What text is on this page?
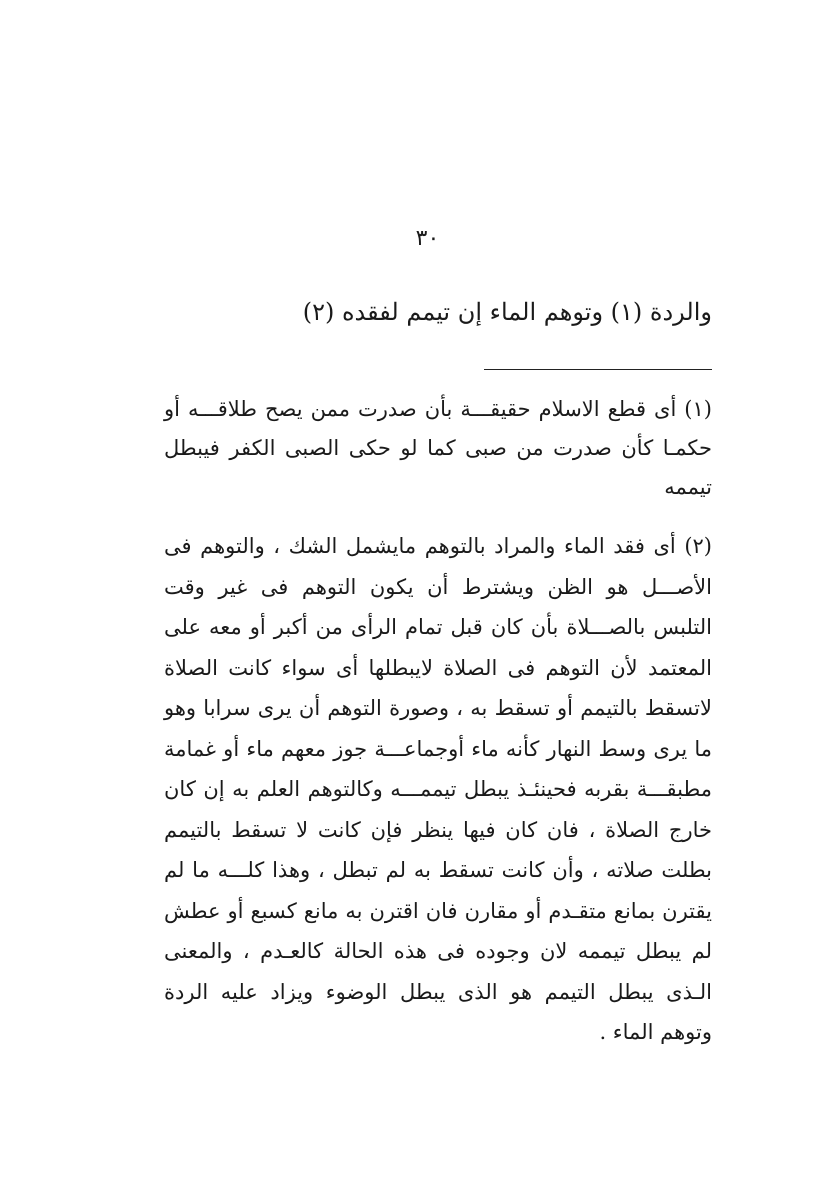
٣٠
والردة (١) وتوهم الماء إن تيمم لفقده (٢)

(١) أى قطع الاسلام حقيقـــة بأن صدرت ممن يصح طلاقـــه أو حكمـا كأن صدرت من صبى كما لو حكى الصبى الكفر فيبطل تيممه

(٢) أى فقد الماء والمراد بالتوهم مايشمل الشك ، والتوهم فى الأصـــل هو الظن ويشترط أن يكون التوهم فى غير وقت التلبس بالصـــلاة بأن كان قبل تمام الرأى من أكبر أو معه على المعتمد لأن التوهم فى الصلاة لايبطلها أى سواء كانت الصلاة لاتسقط بالتيمم أو تسقط به ، وصورة التوهم أن يرى سرابا وهو ما يرى وسط النهار كأنه ماء أوجماعـــة جوز معهم ماء أو غمامة مطبقـــة بقربه فحينئـذ يبطل تيممـــه وكالتوهم العلم به إن كان خارج الصلاة ، فان كان فيها ينظر فإن كانت لا تسقط بالتيمم بطلت صلاته ، وأن كانت تسقط به لم تبطل ، وهذا كلـــه ما لم يقترن بمانع متقـدم أو مقارن فان اقترن به مانع كسبع أو عطش لم يبطل تيممه لان وجوده فى هذه الحالة كالعـدم ، والمعنى الـذى يبطل التيمم هو الذى يبطل الوضوء ويزاد عليه الردة وتوهم الماء .
